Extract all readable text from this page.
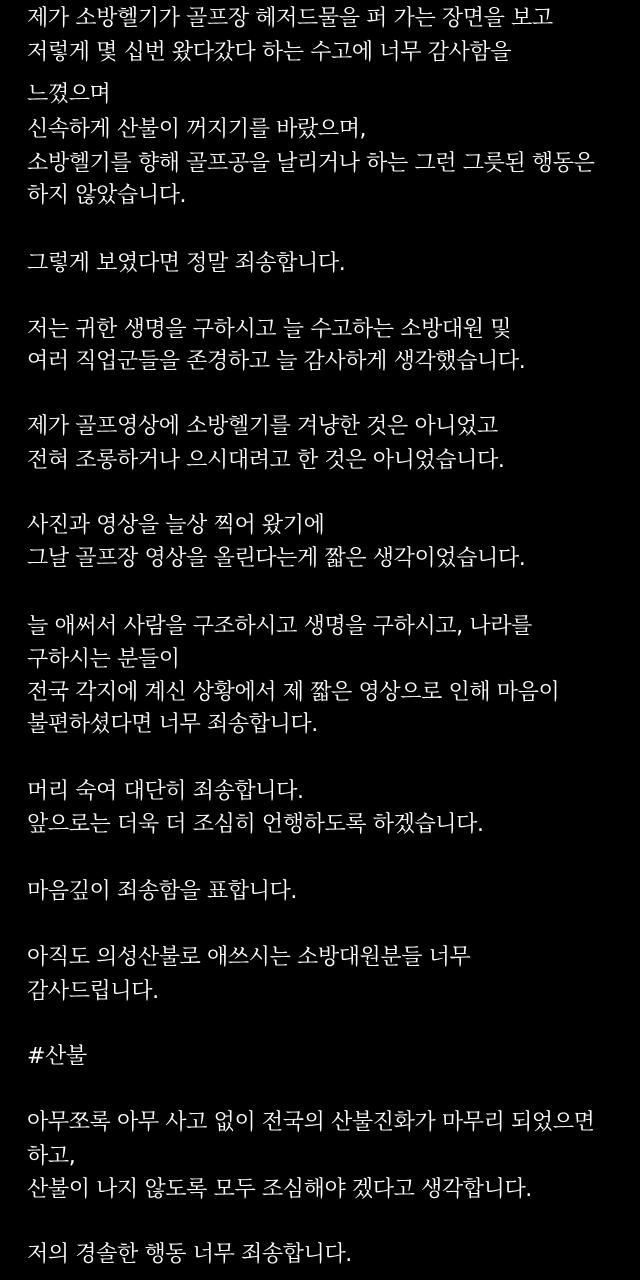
제가 소방헬기가 골프장 헤저드물을 퍼 가는 장면을 보고

저렇게 몇 십번 왔다갔다 하는 수고에 너무 감사함을

느꼈으며

신속하게 산불이 꺼지기를 바랐으며,

소방헬기를 향해 골프공을 날리거나 하는 그런 그릇된 행동은

하지 않았습니다.

그렇게 보였다면 정말 죄송합니다.

저는 귀한 생명을 구하시고 늘 수고하는 소방대원 및

여러 직업군들을 존경하고 늘 감사하게 생각했습니다.

제가 골프영상에 소방헬기를 겨냥한 것은 아니었고

전혀 조롱하거나 으시대려고 한 것은 아니었습니다.

사진과 영상을 늘상 찍어 왔기에

그날 골프장 영상을 올린다는게 짧은 생각이었습니다.

늘 애써서 사람을 구조하시고 생명을 구하시고, 나라를

구하시는 분들이

전국 각지에 계신 상황에서 제 짧은 영상으로 인해 마음이

불편하셨다면 너무 죄송합니다.

머리 숙여 대단히 죄송합니다.

앞으로는 더욱 더 조심히 언행하도록 하겠습니다.

마음깊이 죄송함을 표합니다.

아직도 의성산불로 애쓰시는 소방대원분들 너무

감사드립니다.

#산불

아무쪼록 아무 사고 없이 전국의 산불진화가 마무리 되었으면

하고,

산불이 나지 않도록 모두 조심해야 겠다고 생각합니다.

저의 경솔한 행동 너무 죄송합니다.
